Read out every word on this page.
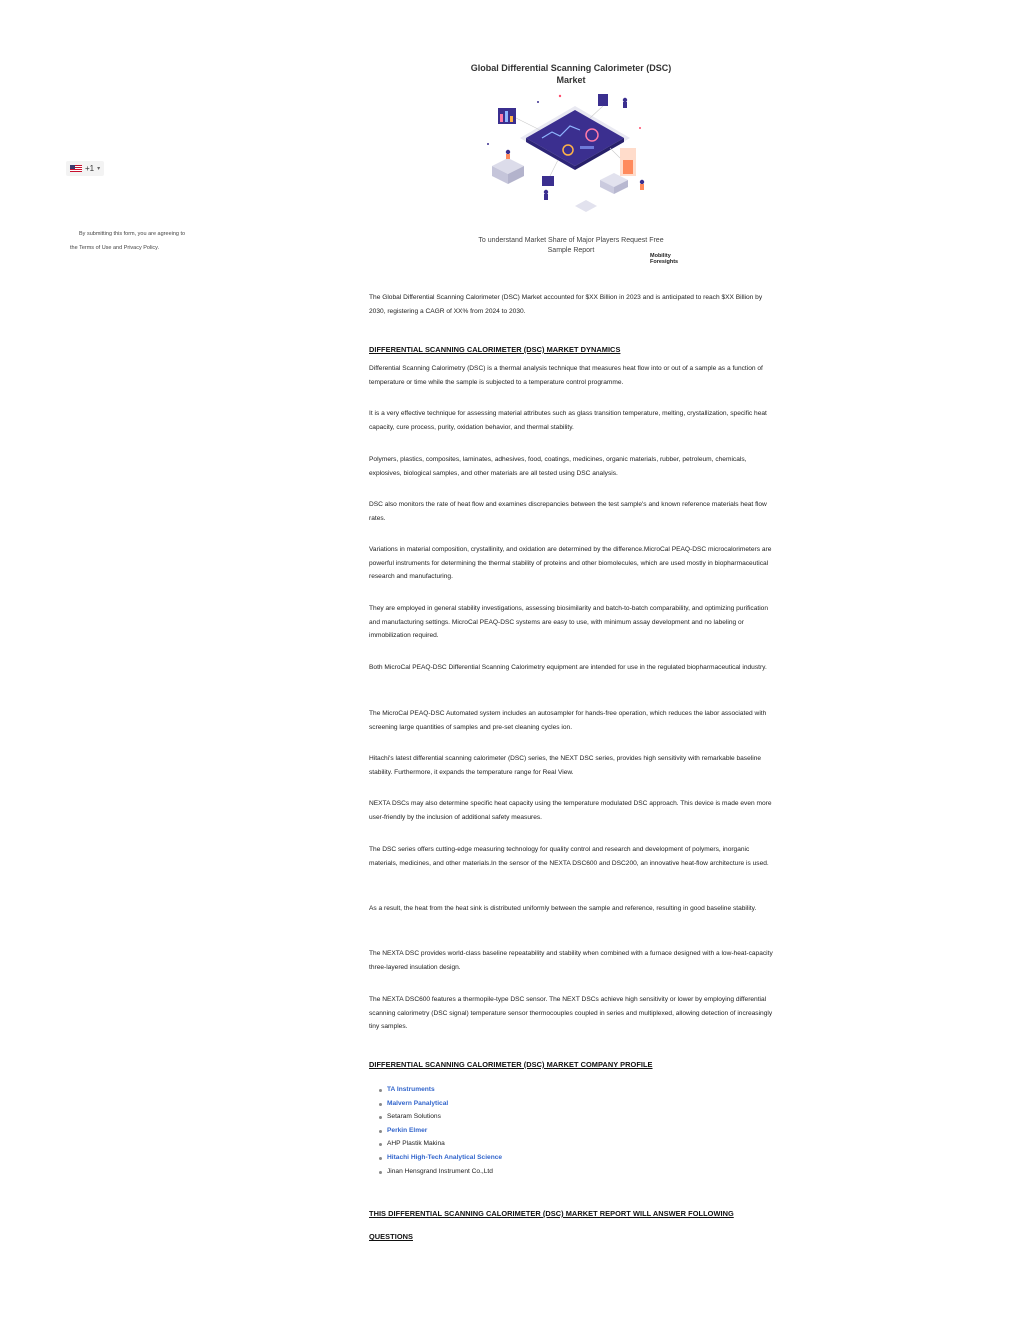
+1 ▾
By submitting this form, you are agreeing to
the Terms of Use and Privacy Policy.
Global Differential Scanning Calorimeter (DSC)
Market
To understand Market Share of Major Players Request Free
Sample Report
Mobility
Foresights

The Global Differential Scanning Calorimeter (DSC) Market accounted for $XX Billion in 2023 and is anticipated to reach $XX Billion by 2030, registering a CAGR of XX% from 2024 to 2030.

DIFFERENTIAL SCANNING CALORIMETER (DSC) MARKET DYNAMICS

Differential Scanning Calorimetry (DSC) is a thermal analysis technique that measures heat flow into or out of a sample as a function of temperature or time while the sample is subjected to a temperature control programme.

It is a very effective technique for assessing material attributes such as glass transition temperature, melting, crystallization, specific heat capacity, cure process, purity, oxidation behavior, and thermal stability.

Polymers, plastics, composites, laminates, adhesives, food, coatings, medicines, organic materials, rubber, petroleum, chemicals, explosives, biological samples, and other materials are all tested using DSC analysis.

DSC also monitors the rate of heat flow and examines discrepancies between the test sample's and known reference materials heat flow rates.

Variations in material composition, crystallinity, and oxidation are determined by the difference.MicroCal PEAQ-DSC microcalorimeters are powerful instruments for determining the thermal stability of proteins and other biomolecules, which are used mostly in biopharmaceutical research and manufacturing.

They are employed in general stability investigations, assessing biosimilarity and batch-to-batch comparability, and optimizing purification and manufacturing settings. MicroCal PEAQ-DSC systems are easy to use, with minimum assay development and no labeling or immobilization required.

Both MicroCal PEAQ-DSC Differential Scanning Calorimetry equipment are intended for use in the regulated biopharmaceutical industry.

The MicroCal PEAQ-DSC Automated system includes an autosampler for hands-free operation, which reduces the labor associated with screening large quantities of samples and pre-set cleaning cycles ion.

Hitachi's latest differential scanning calorimeter (DSC) series, the NEXT DSC series, provides high sensitivity with remarkable baseline stability. Furthermore, it expands the temperature range for Real View.

NEXTA DSCs may also determine specific heat capacity using the temperature modulated DSC approach. This device is made even more user-friendly by the inclusion of additional safety measures.

The DSC series offers cutting-edge measuring technology for quality control and research and development of polymers, inorganic materials, medicines, and other materials.In the sensor of the NEXTA DSC600 and DSC200, an innovative heat-flow architecture is used.

As a result, the heat from the heat sink is distributed uniformly between the sample and reference, resulting in good baseline stability.

The NEXTA DSC provides world-class baseline repeatability and stability when combined with a furnace designed with a low-heat-capacity three-layered insulation design.

The NEXTA DSC600 features a thermopile-type DSC sensor. The NEXT DSCs achieve high sensitivity or lower by employing differential scanning calorimetry (DSC signal) temperature sensor thermocouples coupled in series and multiplexed, allowing detection of increasingly tiny samples.

DIFFERENTIAL SCANNING CALORIMETER (DSC) MARKET COMPANY PROFILE
TA Instruments
Malvern Panalytical
Setaram Solutions
Perkin Elmer
AHP Plastik Makina
Hitachi High-Tech Analytical Science
Jinan Hensgrand Instrument Co.,Ltd
THIS DIFFERENTIAL SCANNING CALORIMETER (DSC) MARKET REPORT WILL ANSWER FOLLOWING
QUESTIONS
